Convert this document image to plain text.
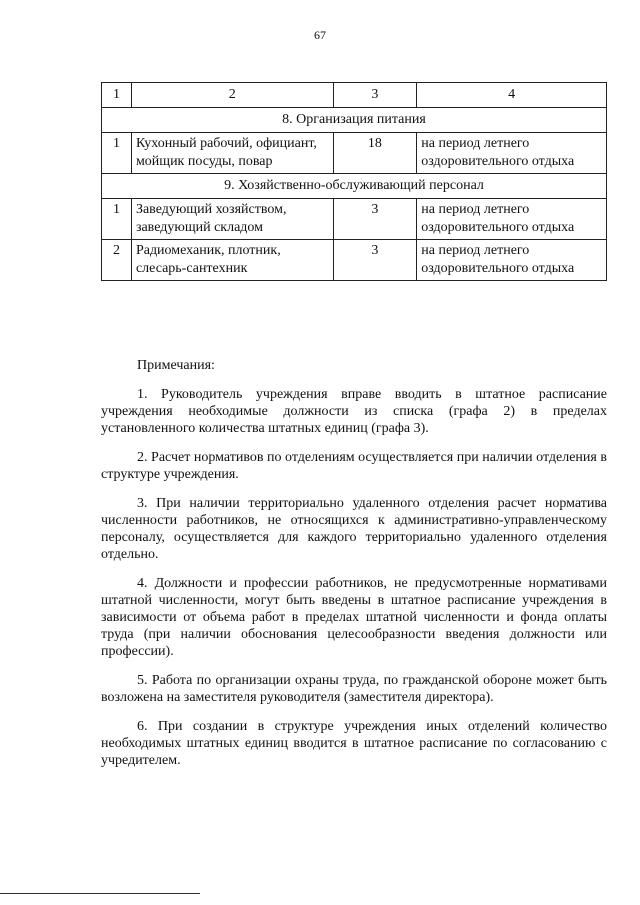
67
1	2	3	4
8. Организация питания			
1	Кухонный рабочий, официант, мойщик посуды, повар	18	на период летнего оздоровительного отдыха
9. Хозяйственно-обслуживающий персонал			
1	Заведующий хозяйством, заведующий складом	3	на период летнего оздоровительного отдыха
2	Радиомеханик, плотник, слесарь-сантехник	3	на период летнего оздоровительного отдыха

Примечания:

1. Руководитель учреждения вправе вводить в штатное расписание учреждения необходимые должности из списка (графа 2) в пределах установленного количества штатных единиц (графа 3).

2. Расчет нормативов по отделениям осуществляется при наличии отделения в структуре учреждения.

3. При наличии территориально удаленного отделения расчет норматива численности работников, не относящихся к административно-управленческому персоналу, осуществляется для каждого территориально удаленного отделения отдельно.

4. Должности и профессии работников, не предусмотренные нормативами штатной численности, могут быть введены в штатное расписание учреждения в зависимости от объема работ в пределах штатной численности и фонда оплаты труда (при наличии обоснования целесообразности введения должности или профессии).

5. Работа по организации охраны труда, по гражданской обороне может быть возложена на заместителя руководителя (заместителя директора).

6. При создании в структуре учреждения иных отделений количество необходимых штатных единиц вводится в штатное расписание по согласованию с учредителем.
